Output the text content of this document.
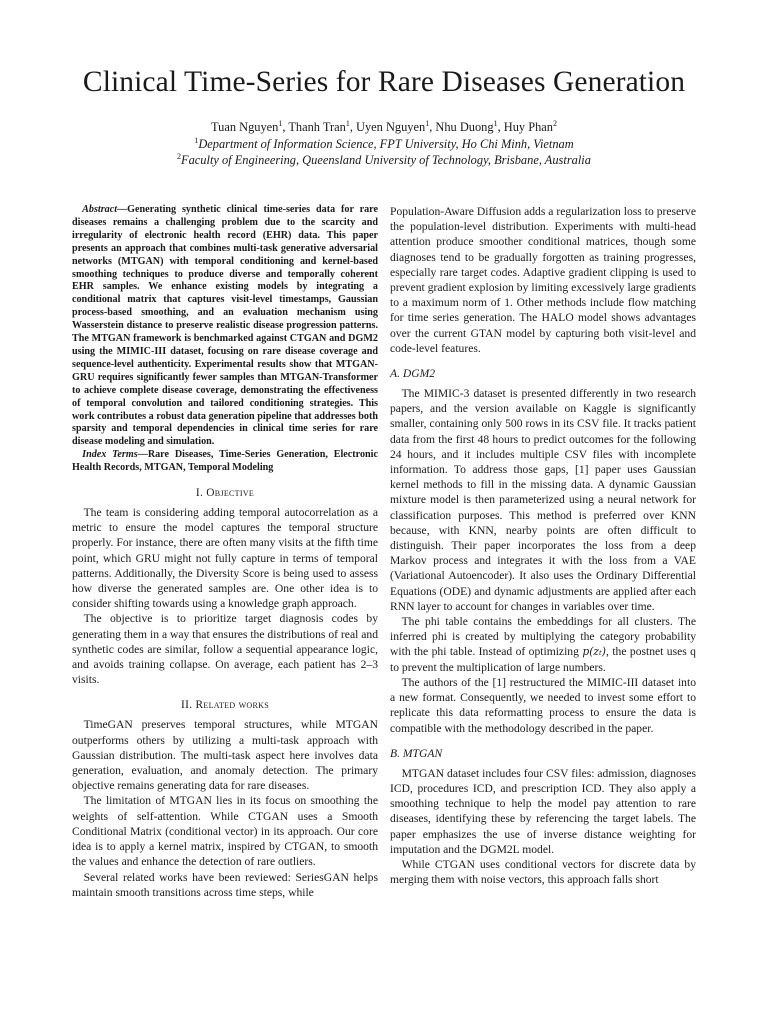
Clinical Time-Series for Rare Diseases Generation
Tuan Nguyen$^1$, Thanh Tran$^1$, Uyen Nguyen$^1$, Nhu Duong$^1$, Huy Phan$^2$
$^1$Department of Information Science, FPT University, Ho Chi Minh, Vietnam
$^2$Faculty of Engineering, Queensland University of Technology, Brisbane, Australia

Abstract—Generating synthetic clinical time-series data for rare diseases remains a challenging problem due to the scarcity and irregularity of electronic health record (EHR) data. This paper presents an approach that combines multi-task generative adversarial networks (MTGAN) with temporal conditioning and kernel-based smoothing techniques to produce diverse and temporally coherent EHR samples. We enhance existing models by integrating a conditional matrix that captures visit-level timestamps, Gaussian process-based smoothing, and an evaluation mechanism using Wasserstein distance to preserve realistic disease progression patterns. The MTGAN framework is benchmarked against CTGAN and DGM2 using the MIMIC-III dataset, focusing on rare disease coverage and sequence-level authenticity. Experimental results show that MTGAN-GRU requires significantly fewer samples than MTGAN-Transformer to achieve complete disease coverage, demonstrating the effectiveness of temporal convolution and tailored conditioning strategies. This work contributes a robust data generation pipeline that addresses both sparsity and temporal dependencies in clinical time series for rare disease modeling and simulation.

Index Terms—Rare Diseases, Time-Series Generation, Electronic Health Records, MTGAN, Temporal Modeling

I. Objective

The team is considering adding temporal autocorrelation as a metric to ensure the model captures the temporal structure properly. For instance, there are often many visits at the fifth time point, which GRU might not fully capture in terms of temporal patterns. Additionally, the Diversity Score is being used to assess how diverse the generated samples are. One other idea is to consider shifting towards using a knowledge graph approach.

The objective is to prioritize target diagnosis codes by generating them in a way that ensures the distributions of real and synthetic codes are similar, follow a sequential appearance logic, and avoids training collapse. On average, each patient has 2–3 visits.

II. Related works

TimeGAN preserves temporal structures, while MTGAN outperforms others by utilizing a multi-task approach with Gaussian distribution. The multi-task aspect here involves data generation, evaluation, and anomaly detection. The primary objective remains generating data for rare diseases.

The limitation of MTGAN lies in its focus on smoothing the weights of self-attention. While CTGAN uses a Smooth Conditional Matrix (conditional vector) in its approach. Our core idea is to apply a kernel matrix, inspired by CTGAN, to smooth the values and enhance the detection of rare outliers.

Several related works have been reviewed: SeriesGAN helps maintain smooth transitions across time steps, while

Population-Aware Diffusion adds a regularization loss to preserve the population-level distribution. Experiments with multi-head attention produce smoother conditional matrices, though some diagnoses tend to be gradually forgotten as training progresses, especially rare target codes. Adaptive gradient clipping is used to prevent gradient explosion by limiting excessively large gradients to a maximum norm of 1. Other methods include flow matching for time series generation. The HALO model shows advantages over the current GTAN model by capturing both visit-level and code-level features.

A. DGM2

The MIMIC-3 dataset is presented differently in two research papers, and the version available on Kaggle is significantly smaller, containing only 500 rows in its CSV file. It tracks patient data from the first 48 hours to predict outcomes for the following 24 hours, and it includes multiple CSV files with incomplete information. To address those gaps, [1] paper uses Gaussian kernel methods to fill in the missing data. A dynamic Gaussian mixture model is then parameterized using a neural network for classification purposes. This method is preferred over KNN because, with KNN, nearby points are often difficult to distinguish. Their paper incorporates the loss from a deep Markov process and integrates it with the loss from a VAE (Variational Autoencoder). It also uses the Ordinary Differential Equations (ODE) and dynamic adjustments are applied after each RNN layer to account for changes in variables over time.

The phi table contains the embeddings for all clusters. The inferred phi is created by multiplying the category probability with the phi table. Instead of optimizing p(zₜ), the postnet uses q to prevent the multiplication of large numbers.

The authors of the [1] restructured the MIMIC-III dataset into a new format. Consequently, we needed to invest some effort to replicate this data reformatting process to ensure the data is compatible with the methodology described in the paper.

B. MTGAN

MTGAN dataset includes four CSV files: admission, diagnoses ICD, procedures ICD, and prescription ICD. They also apply a smoothing technique to help the model pay attention to rare diseases, identifying these by referencing the target labels. The paper emphasizes the use of inverse distance weighting for imputation and the DGM2L model.

While CTGAN uses conditional vectors for discrete data by merging them with noise vectors, this approach falls short
